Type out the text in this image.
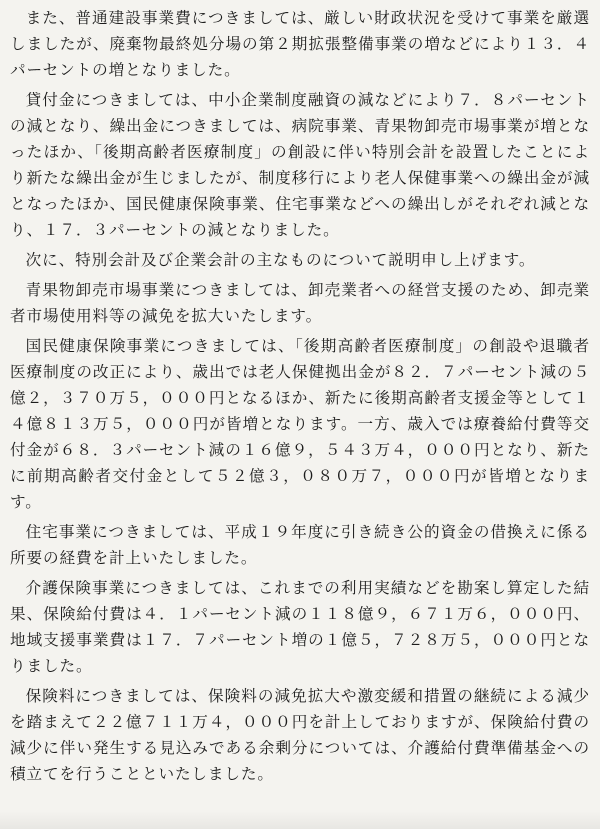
また、普通建設事業費につきましては、厳しい財政状況を受けて事業を厳選しましたが、廃棄物最終処分場の第２期拡張整備事業の増などにより１３．４パーセントの増となりました。

貸付金につきましては、中小企業制度融資の減などにより７．８パーセントの減となり、繰出金につきましては、病院事業、青果物卸売市場事業が増となったほか、「後期高齢者医療制度」の創設に伴い特別会計を設置したことにより新たな繰出金が生じましたが、制度移行により老人保健事業への繰出金が減となったほか、国民健康保険事業、住宅事業などへの繰出しがそれぞれ減となり、１７．３パーセントの減となりました。

次に、特別会計及び企業会計の主なものについて説明申し上げます。

青果物卸売市場事業につきましては、卸売業者への経営支援のため、卸売業者市場使用料等の減免を拡大いたします。

国民健康保険事業につきましては、「後期高齢者医療制度」の創設や退職者医療制度の改正により、歳出では老人保健拠出金が８２．７パーセント減の５億２，３７０万５，０００円となるほか、新たに後期高齢者支援金等として１４億８１３万５，０００円が皆増となります。一方、歳入では療養給付費等交付金が６８．３パーセント減の１６億９，５４３万４，０００円となり、新たに前期高齢者交付金として５２億３，０８０万７，０００円が皆増となります。

住宅事業につきましては、平成１９年度に引き続き公的資金の借換えに係る所要の経費を計上いたしました。

介護保険事業につきましては、これまでの利用実績などを勘案し算定した結果、保険給付費は４．１パーセント減の１１８億９，６７１万６，０００円、地域支援事業費は１７．７パーセント増の１億５，７２８万５，０００円となりました。

保険料につきましては、保険料の減免拡大や激変緩和措置の継続による減少を踏まえて２２億７１１万４，０００円を計上しておりますが、保険給付費の減少に伴い発生する見込みである余剰分については、介護給付費準備基金への積立てを行うことといたしました。
